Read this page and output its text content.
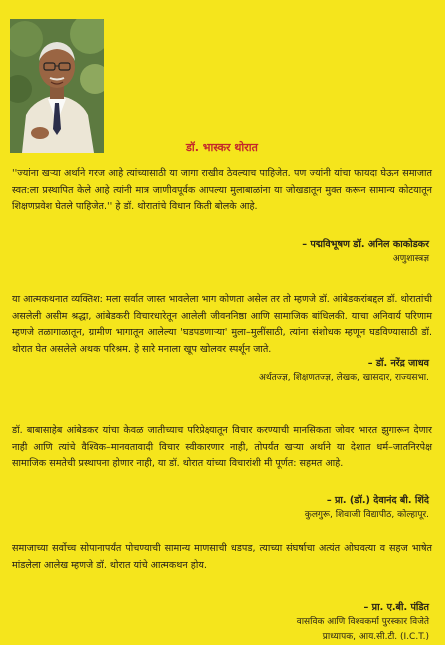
डॉ. भास्कर थोरात
''ज्यांना खऱ्या अर्थाने गरज आहे त्यांच्यासाठी या जागा राखीव ठेवल्याच पाहिजेत. पण ज्यांनी यांचा फायदा घेऊन समाजात स्वत:ला प्रस्थापित केले आहे त्यांनी मात्र जाणीवपूर्वक आपल्या मुलाबाळांना या जोखडातून मुक्त करून सामान्य कोटयातून शिक्षणप्रवेश घेतले पाहिजेत.'' हे डॉ. थोरातांचे विधान किती बोलके आहे.
– पद्मविभूषण डॉ. अनिल काकोडकर
अणुशास्त्रज्ञ
या आत्मकथनात व्यक्तिश: मला सर्वात जास्त भावलेला भाग कोणता असेल तर तो म्हणजे डॉ. आंबेडकरांबद्दल डॉ. थोरातांची असलेली असीम श्रद्धा, आंबेडकरी विचारधारेतून आलेली जीवननिष्ठा आणि सामाजिक बांधिलकी. याचा अनिवार्य परिणाम म्हणजे तळागाळातून, ग्रामीण भागातून आलेल्या 'घडपडणाऱ्या' मुला–मुलींसाठी, त्यांना संशोधक म्हणून घडविण्यासाठी डॉ. थोरात घेत असलेले अथक परिश्रम. हे सारे मनाला खूप खोलवर स्पर्शून जाते.
– डॉ. नरेंद्र जाधव
अर्थतज्ज्ञ, शिक्षणतज्ज्ञ, लेखक, खासदार, राज्यसभा.
डॉ. बाबासाहेब आंबेडकर यांचा केवळ जातीच्याच परिप्रेक्ष्यातून विचार करण्याची मानसिकता जोवर भारत झुगारून देणार नाही आणि त्यांचे वैश्विक–मानवतावादी विचार स्वीकारणार नाही, तोपर्यंत खऱ्या अर्थाने या देशात धर्म–जातनिरपेक्ष सामाजिक समतेची प्रस्थापना होणार नाही, या डॉ. थोरात यांच्या विचारांशी मी पूर्णत: सहमत आहे.
– प्रा. (डॉ.) देवानंद बी. शिंदे
कुलगुरू, शिवाजी विद्यापीठ, कोल्हापूर.
समाजाच्या सर्वोच्च सोपानापर्यंत पोचण्याची सामान्य माणसाची धडपड, त्याच्या संघर्षाचा अत्यंत ओघवत्या व सहज भाषेत मांडलेला आलेख म्हणजे डॉ. थोरात यांचे आत्मकथन होय.
– प्रा. ए.बी. पंडित
वासविक आणि विश्वकर्मा पुरस्कार विजेते
प्राध्यापक, आय.सी.टी. (I.C.T.)
